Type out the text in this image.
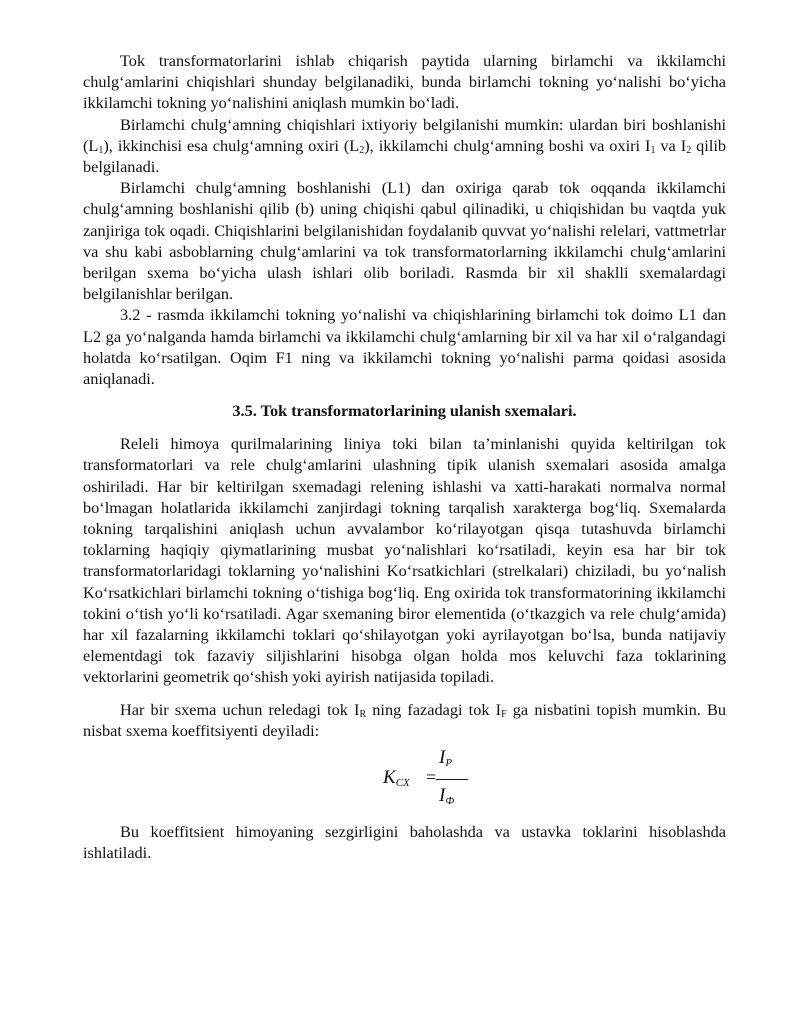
Tok transformatorlarini ishlab chiqarish paytida ularning birlamchi va ikkilamchi chulg‘amlarini chiqishlari shunday belgilanadiki, bunda birlamchi tokning yo‘nalishi bo‘yicha ikkilamchi tokning yo‘nalishini aniqlash mumkin bo‘ladi.

Birlamchi chulg‘amning chiqishlari ixtiyoriy belgilanishi mumkin: ulardan biri boshlanishi $(L_1)$, ikkinchisi esa chulg‘amning oxiri $(L_2)$, ikkilamchi chulg‘amning boshi va oxiri $I_1$ va $I_2$ qilib belgilanadi.

Birlamchi chulg‘amning boshlanishi (L1) dan oxiriga qarab tok oqqanda ikkilamchi chulg‘amning boshlanishi qilib (b) uning chiqishi qabul qilinadiki, u chiqishidan bu vaqtda yuk zanjiriga tok oqadi. Chiqishlarini belgilanishidan foydalanib quvvat yo‘nalishi relelari, vattmetrlar va shu kabi asboblarning chulg‘amlarini va tok transformatorlarning ikkilamchi chulg‘amlarini berilgan sxema bo‘yicha ulash ishlari olib boriladi. Rasmda bir xil shaklli sxemalardagi belgilanishlar berilgan.

3.2 - rasmda ikkilamchi tokning yo‘nalishi va chiqishlarining birlamchi tok doimo L1 dan L2 ga yo‘nalganda hamda birlamchi va ikkilamchi chulg‘amlarning bir xil va har xil o‘ralgandagi holatda ko‘rsatilgan. Oqim F1 ning va ikkilamchi tokning yo‘nalishi parma qoidasi asosida aniqlanadi.

3.5. Tok transformatorlarining ulanish sxemalari.

Releli himoya qurilmalarining liniya toki bilan ta’minlanishi quyida keltirilgan tok transformatorlari va rele chulg‘amlarini ulashning tipik ulanish sxemalari asosida amalga oshiriladi. Har bir keltirilgan sxemadagi relening ishlashi va xatti-harakati normalva normal bo‘lmagan holatlarida ikkilamchi zanjirdagi tokning tarqalish xarakterga bog‘liq. Sxemalarda tokning tarqalishini aniqlash uchun avvalambor ko‘rilayotgan qisqa tutashuvda birlamchi toklarning haqiqiy qiymatlarining musbat yo‘nalishlari ko‘rsatiladi, keyin esa har bir tok transformatorlaridagi toklarning yo‘nalishini Ko‘rsatkichlari (strelkalari) chiziladi, bu yo‘nalish Ko‘rsatkichlari birlamchi tokning o‘tishiga bog‘liq. Eng oxirida tok transformatorining ikkilamchi tokini o‘tish yo‘li ko‘rsatiladi. Agar sxemaning biror elementida (o‘tkazgich va rele chulg‘amida) har xil fazalarning ikkilamchi toklari qo‘shilayotgan yoki ayrilayotgan bo‘lsa, bunda natijaviy elementdagi tok fazaviy siljishlarini hisobga olgan holda mos keluvchi faza toklarining vektorlarini geometrik qo‘shish yoki ayirish natijasida topiladi.

Har bir sxema uchun reledagi tok $I_R$ ning fazadagi tok $I_F$ ga nisbatini topish mumkin. Bu nisbat sxema koeffitsiyenti deyiladi:

$K_{CX}$ =
$I_P$
$I_Ф$

Bu koeffitsient himoyaning sezgirligini baholashda va ustavka toklarini hisoblashda ishlatiladi.
